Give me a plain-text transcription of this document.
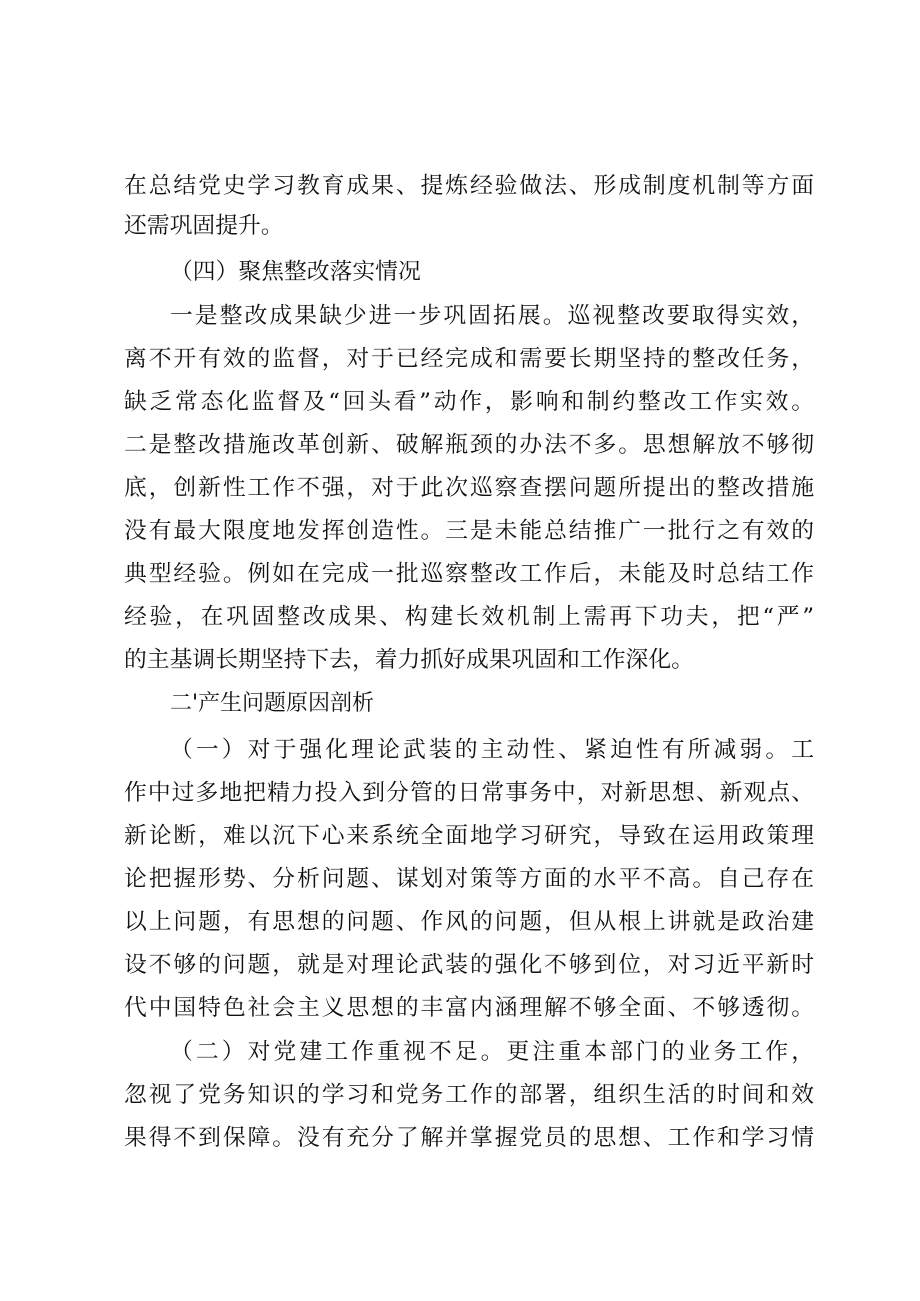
在总结党史学习教育成果、提炼经验做法、形成制度机制等方面
还需巩固提升。
（四）聚焦整改落实情况
一是整改成果缺少进一步巩固拓展。巡视整改要取得实效，
离不开有效的监督，对于已经完成和需要长期坚持的整改任务，
缺乏常态化监督及“回头看”动作，影响和制约整改工作实效。
二是整改措施改革创新、破解瓶颈的办法不多。思想解放不够彻
底，创新性工作不强，对于此次巡察查摆问题所提出的整改措施
没有最大限度地发挥创造性。三是未能总结推广一批行之有效的
典型经验。例如在完成一批巡察整改工作后，未能及时总结工作
经验，在巩固整改成果、构建长效机制上需再下功夫，把“严”
的主基调长期坚持下去，着力抓好成果巩固和工作深化。
二'产生问题原因剖析
（一）对于强化理论武装的主动性、紧迫性有所减弱。工
作中过多地把精力投入到分管的日常事务中，对新思想、新观点、
新论断，难以沉下心来系统全面地学习研究，导致在运用政策理
论把握形势、分析问题、谋划对策等方面的水平不高。自己存在
以上问题，有思想的问题、作风的问题，但从根上讲就是政治建
设不够的问题，就是对理论武装的强化不够到位，对习近平新时
代中国特色社会主义思想的丰富内涵理解不够全面、不够透彻。
（二）对党建工作重视不足。更注重本部门的业务工作，
忽视了党务知识的学习和党务工作的部署，组织生活的时间和效
果得不到保障。没有充分了解并掌握党员的思想、工作和学习情
